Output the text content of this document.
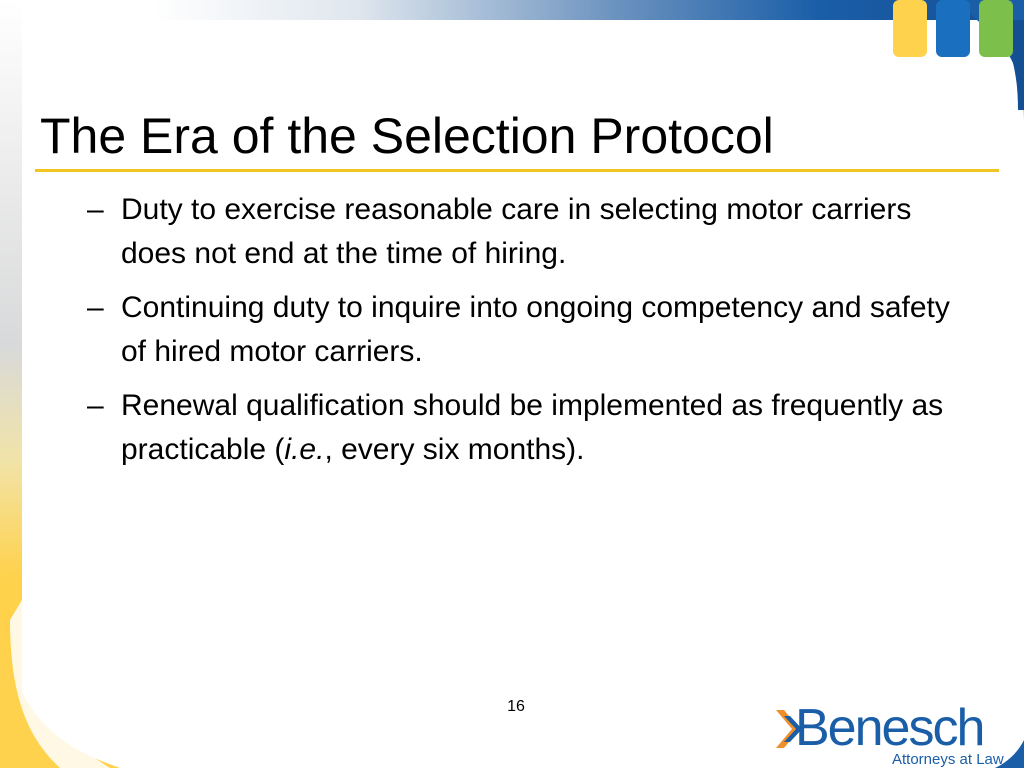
The Era of the Selection Protocol
– Duty to exercise reasonable care in selecting motor carriers does not end at the time of hiring.
– Continuing duty to inquire into ongoing competency and safety of hired motor carriers.
– Renewal qualification should be implemented as frequently as practicable (i.e., every six months).
16	Benesch
Attorneys at Law
